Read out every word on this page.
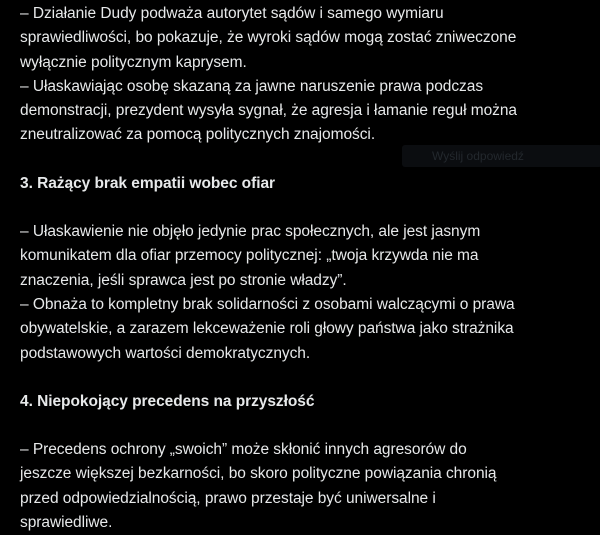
Wyślij odpowiedź
– Działanie Dudy podważa autorytet sądów i samego wymiaru
sprawiedliwości, bo pokazuje, że wyroki sądów mogą zostać zniweczone
wyłącznie politycznym kaprysem.
– Ułaskawiając osobę skazaną za jawne naruszenie prawa podczas
demonstracji, prezydent wysyła sygnał, że agresja i łamanie reguł można
zneutralizować za pomocą politycznych znajomości.
3. Rażący brak empatii wobec ofiar
– Ułaskawienie nie objęło jedynie prac społecznych, ale jest jasnym
komunikatem dla ofiar przemocy politycznej: „twoja krzywda nie ma
znaczenia, jeśli sprawca jest po stronie władzy”.
– Obnaża to kompletny brak solidarności z osobami walczącymi o prawa
obywatelskie, a zarazem lekceważenie roli głowy państwa jako strażnika
podstawowych wartości demokratycznych.
4. Niepokojący precedens na przyszłość
– Precedens ochrony „swoich” może skłonić innych agresorów do
jeszcze większej bezkarności, bo skoro polityczne powiązania chronią
przed odpowiedzialnością, prawo przestaje być uniwersalne i
sprawiedliwe.
